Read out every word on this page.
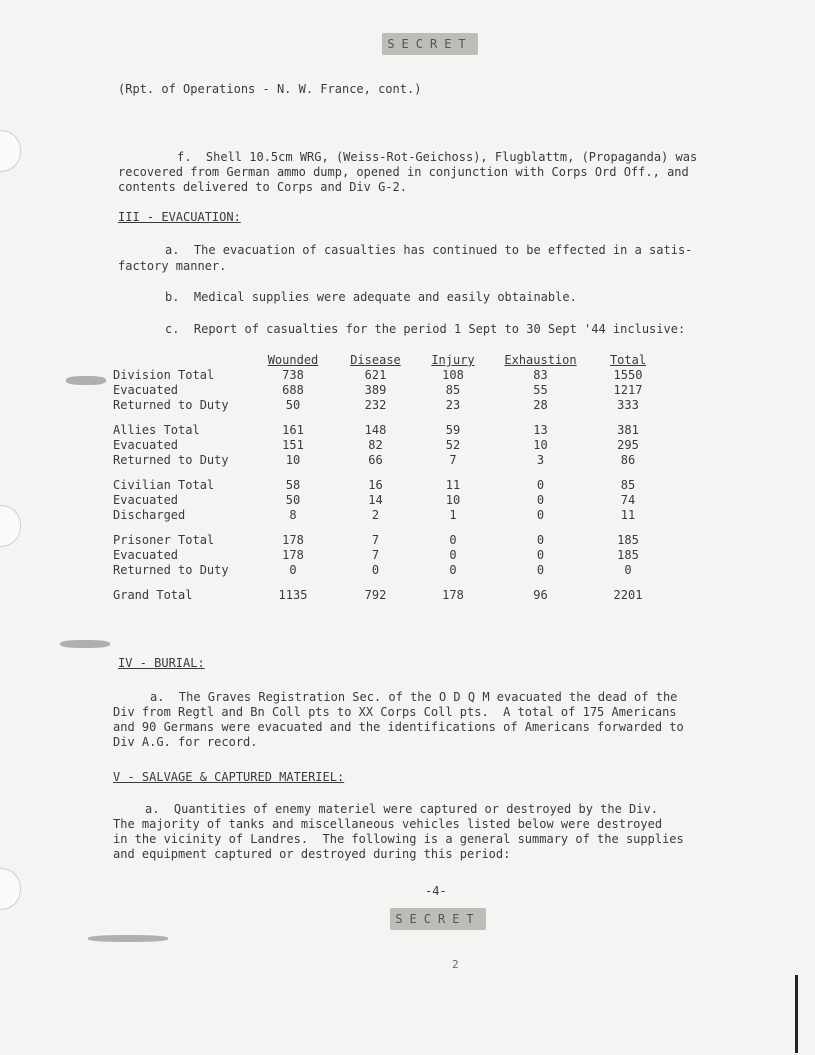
SECRET
(Rpt. of Operations - N. W. France, cont.)
f.  Shell 10.5cm WRG, (Weiss-Rot-Geichoss), Flugblattm, (Propaganda) was
recovered from German ammo dump, opened in conjunction with Corps Ord Off., and
contents delivered to Corps and Div G-2.
III - EVACUATION:
a.  The evacuation of casualties has continued to be effected in a satis-
factory manner.
b.  Medical supplies were adequate and easily obtainable.
c.  Report of casualties for the period 1 Sept to 30 Sept '44 inclusive:
	Wounded	Disease	Injury	Exhaustion	Total
Division Total	738	621	108	83	1550
Evacuated	688	389	85	55	1217
Returned to Duty	50	232	23	28	333

Allies Total	161	148	59	13	381
Evacuated	151	82	52	10	295
Returned to Duty	10	66	7	3	86

Civilian Total	58	16	11	0	85
Evacuated	50	14	10	0	74
Discharged	8	2	1	0	11

Prisoner Total	178	7	0	0	185
Evacuated	178	7	0	0	185
Returned to Duty	0	0	0	0	0

Grand Total	1135	792	178	96	2201
IV - BURIAL:
a.  The Graves Registration Sec. of the O D Q M evacuated the dead of the
Div from Regtl and Bn Coll pts to XX Corps Coll pts.  A total of 175 Americans
and 90 Germans were evacuated and the identifications of Americans forwarded to
Div A.G. for record.
V - SALVAGE & CAPTURED MATERIEL:
a.  Quantities of enemy materiel were captured or destroyed by the Div.
The majority of tanks and miscellaneous vehicles listed below were destroyed
in the vicinity of Landres.  The following is a general summary of the supplies
and equipment captured or destroyed during this period:
-4-
SECRET
2
